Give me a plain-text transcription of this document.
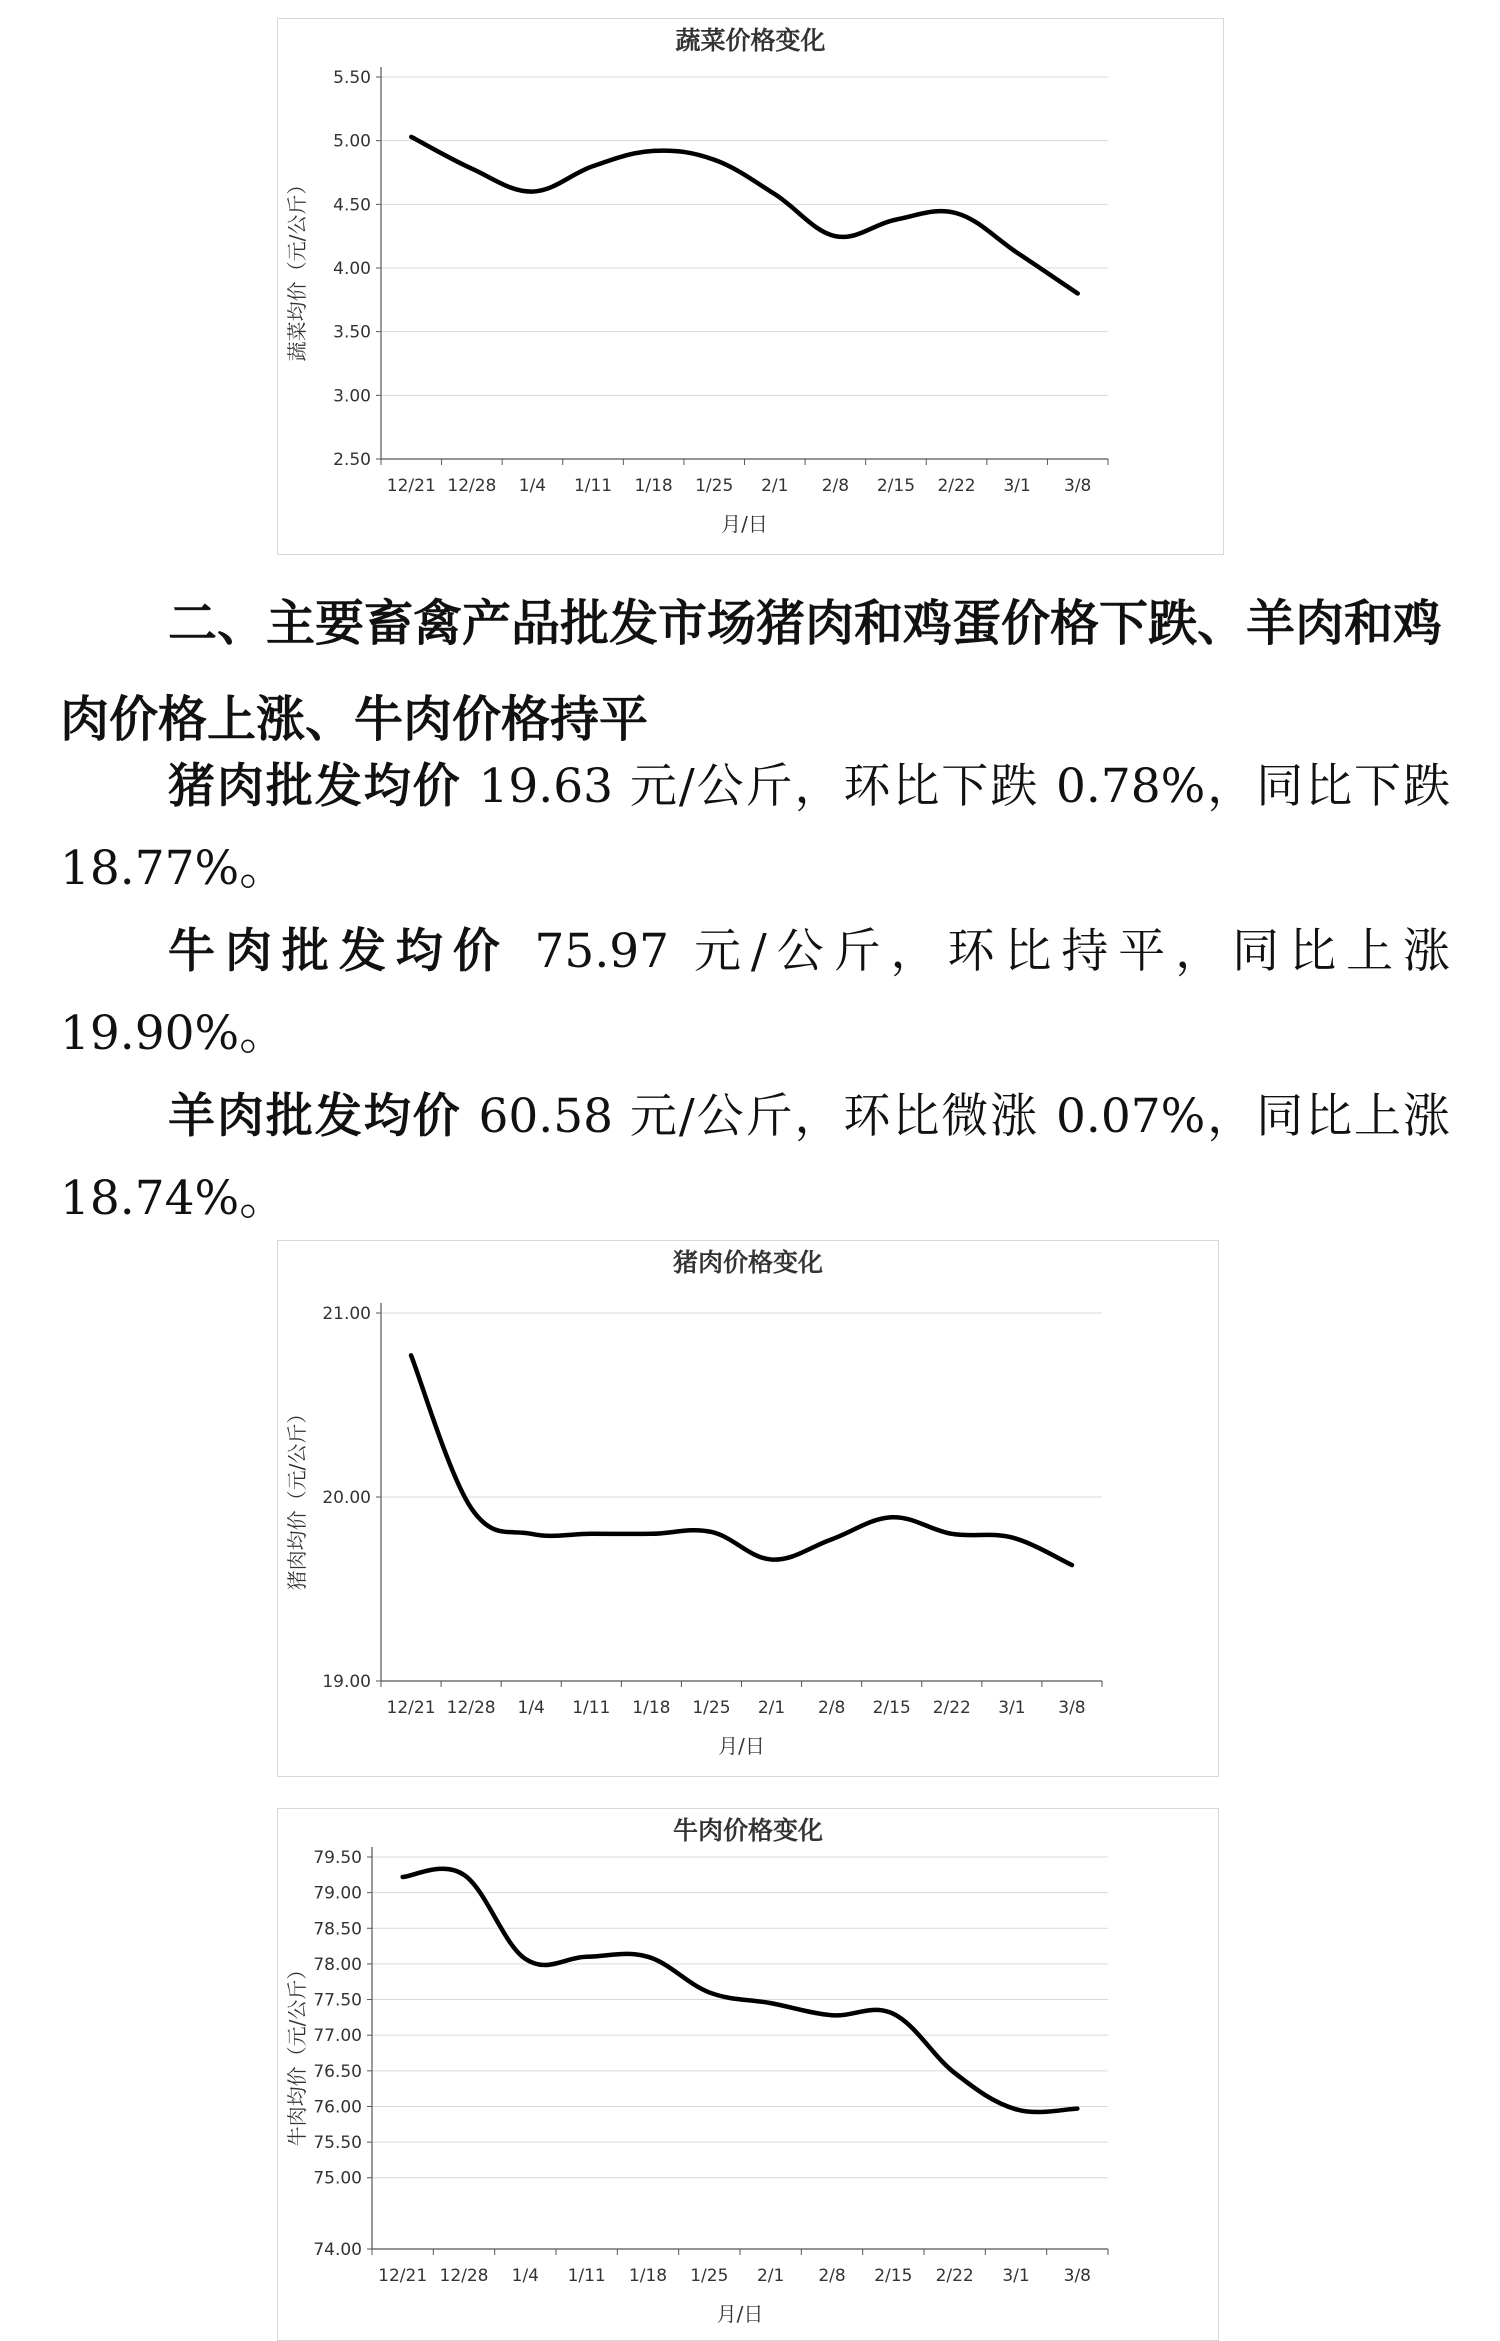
蔬菜价格变化
5.50
5.00
4.50
4.00
3.50
3.00
2.50
12/21 12/28 1/4 1/11 1/18 1/25 2/1 2/8 2/15 2/22 3/1 3/8
月/日
蔬菜均价（元/公斤）
二、主要畜禽产品批发市场猪肉和鸡蛋价格下跌、羊肉和鸡肉价格上涨、牛肉价格持平
猪肉批发均价 19.63 元/公斤，环比下跌 0.78%，同比下跌 18.77%。
牛肉批发均价 75.97 元/公斤，环比持平，同比上涨 19.90%。
羊肉批发均价 60.58 元/公斤，环比微涨 0.07%，同比上涨 18.74%。
猪肉价格变化
21.00
20.00
19.00
12/21 12/28 1/4 1/11 1/18 1/25 2/1 2/8 2/15 2/22 3/1 3/8
月/日
猪肉均价（元/公斤）
牛肉价格变化
79.50
79.00
78.50
78.00
77.50
77.00
76.50
76.00
75.50
75.00
74.00
12/21 12/28 1/4 1/11 1/18 1/25 2/1 2/8 2/15 2/22 3/1 3/8
月/日
牛肉均价（元/公斤）
